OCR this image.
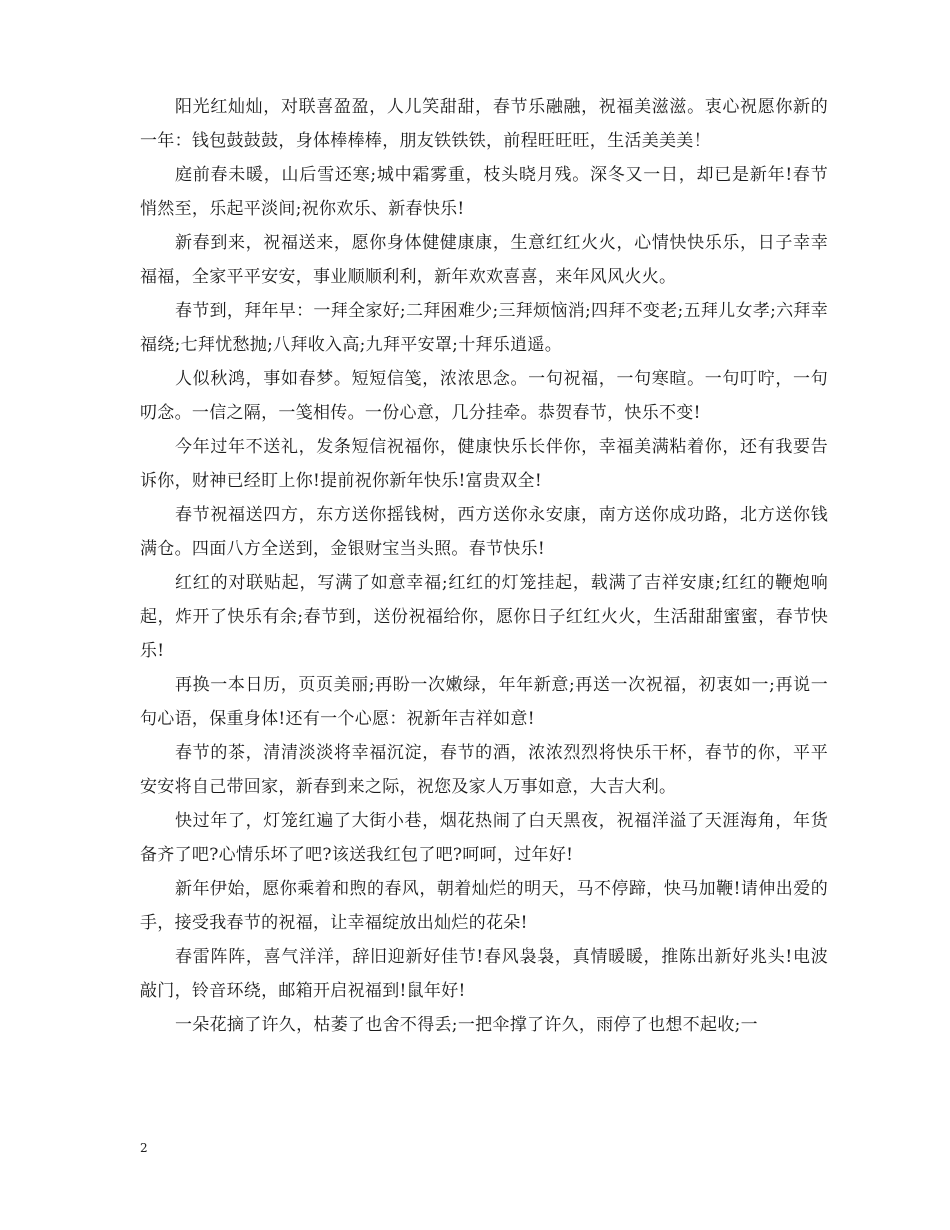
阳光红灿灿，对联喜盈盈，人儿笑甜甜，春节乐融融，祝福美滋滋。衷心祝愿你新的一年：钱包鼓鼓鼓，身体棒棒棒，朋友铁铁铁，前程旺旺旺，生活美美美！

庭前春未暖，山后雪还寒;城中霜雾重，枝头晓月残。深冬又一日，却已是新年!春节悄然至，乐起平淡间;祝你欢乐、新春快乐!

新春到来，祝福送来，愿你身体健健康康，生意红红火火，心情快快乐乐，日子幸幸福福，全家平平安安，事业顺顺利利，新年欢欢喜喜，来年风风火火。

春节到，拜年早：一拜全家好;二拜困难少;三拜烦恼消;四拜不变老;五拜儿女孝;六拜幸福绕;七拜忧愁抛;八拜收入高;九拜平安罩;十拜乐逍遥。

人似秋鸿，事如春梦。短短信笺，浓浓思念。一句祝福，一句寒暄。一句叮咛，一句叨念。一信之隔，一笺相传。一份心意，几分挂牵。恭贺春节，快乐不变!

今年过年不送礼，发条短信祝福你，健康快乐长伴你，幸福美满粘着你，还有我要告诉你，财神已经盯上你!提前祝你新年快乐!富贵双全!

春节祝福送四方，东方送你摇钱树，西方送你永安康，南方送你成功路，北方送你钱满仓。四面八方全送到，金银财宝当头照。春节快乐!

红红的对联贴起，写满了如意幸福;红红的灯笼挂起，载满了吉祥安康;红红的鞭炮响起，炸开了快乐有余;春节到，送份祝福给你，愿你日子红红火火，生活甜甜蜜蜜，春节快乐!

再换一本日历，页页美丽;再盼一次嫩绿，年年新意;再送一次祝福，初衷如一;再说一句心语，保重身体!还有一个心愿：祝新年吉祥如意!

春节的茶，清清淡淡将幸福沉淀，春节的酒，浓浓烈烈将快乐干杯，春节的你，平平安安将自己带回家，新春到来之际，祝您及家人万事如意，大吉大利。

快过年了，灯笼红遍了大街小巷，烟花热闹了白天黑夜，祝福洋溢了天涯海角，年货备齐了吧?心情乐坏了吧?该送我红包了吧?呵呵，过年好!

新年伊始，愿你乘着和煦的春风，朝着灿烂的明天，马不停蹄，快马加鞭!请伸出爱的手，接受我春节的祝福，让幸福绽放出灿烂的花朵!

春雷阵阵，喜气洋洋，辞旧迎新好佳节!春风袅袅，真情暖暖，推陈出新好兆头!电波敲门，铃音环绕，邮箱开启祝福到!鼠年好!

一朵花摘了许久，枯萎了也舍不得丢;一把伞撑了许久，雨停了也想不起收;一

2
